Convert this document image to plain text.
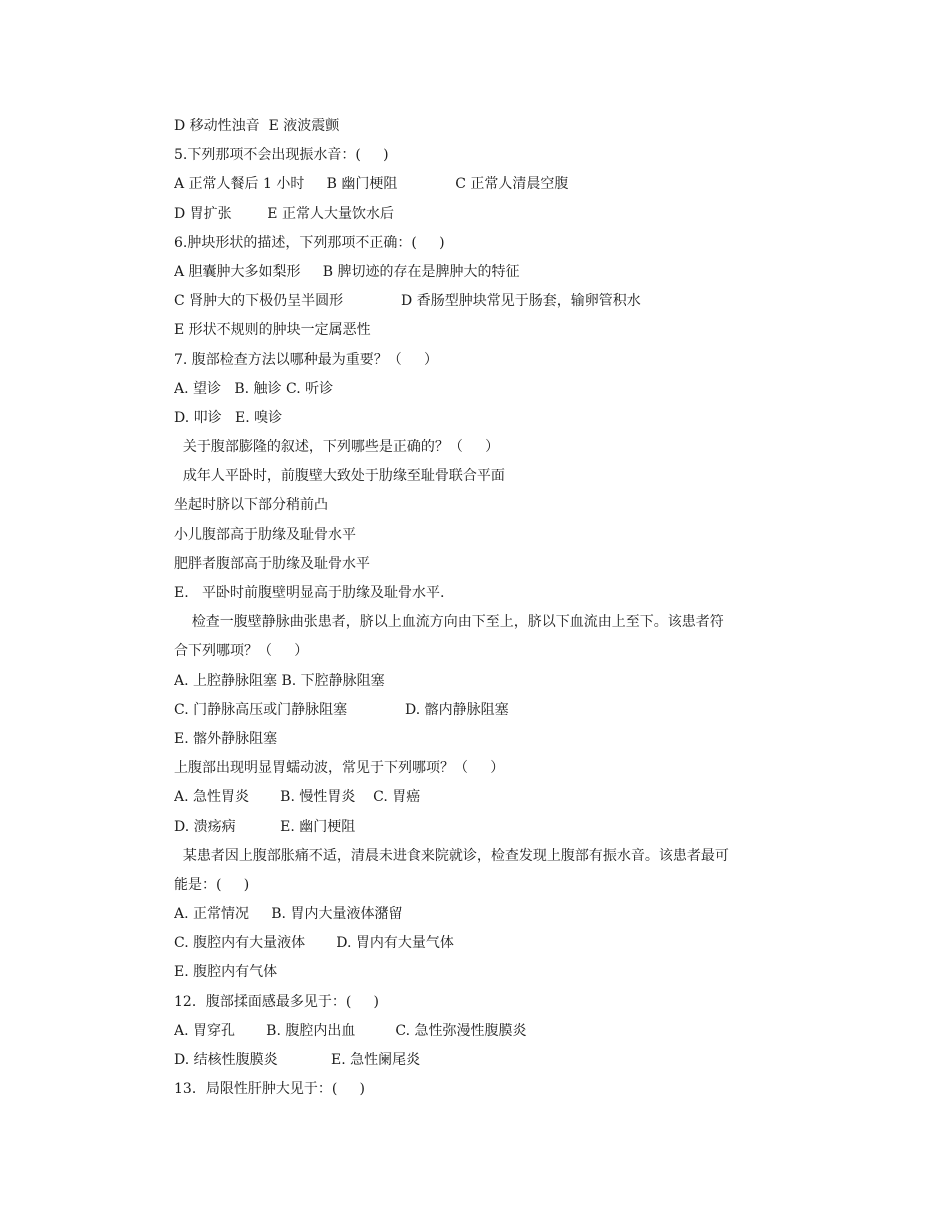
D 移动性浊音  E 液波震颤
5.下列那项不会出现振水音：(     )
A 正常人餐后 1 小时     B 幽门梗阻             C 正常人清晨空腹
D 胃扩张        E 正常人大量饮水后
6.肿块形状的描述，下列那项不正确：(     )
A 胆囊肿大多如梨形     B 脾切迹的存在是脾肿大的特征
C 肾肿大的下极仍呈半圆形             D 香肠型肿块常见于肠套，输卵管积水
E 形状不规则的肿块一定属恶性
7. 腹部检查方法以哪种最为重要？（     ）
A. 望诊   B. 触诊 C. 听诊
D. 叩诊   E. 嗅诊
关于腹部膨隆的叙述，下列哪些是正确的？（     ）
成年人平卧时，前腹壁大致处于肋缘至耻骨联合平面
坐起时脐以下部分稍前凸
小儿腹部高于肋缘及耻骨水平
肥胖者腹部高于肋缘及耻骨水平
E.   平卧时前腹壁明显高于肋缘及耻骨水平.
检查一腹壁静脉曲张患者，脐以上血流方向由下至上，脐以下血流由上至下。该患者符
合下列哪项？（     ）
A. 上腔静脉阻塞 B. 下腔静脉阻塞
C. 门静脉高压或门静脉阻塞             D. 髂内静脉阻塞
E. 髂外静脉阻塞
上腹部出现明显胃蠕动波，常见于下列哪项？（     ）
A. 急性胃炎       B. 慢性胃炎    C. 胃癌
D. 溃疡病          E. 幽门梗阻
某患者因上腹部胀痛不适，清晨未进食来院就诊，检查发现上腹部有振水音。该患者最可
能是：(     )
A. 正常情况     B. 胃内大量液体潴留
C. 腹腔内有大量液体       D. 胃内有大量气体
E. 腹腔内有气体
12．腹部揉面感最多见于：(     )
A. 胃穿孔       B. 腹腔内出血         C. 急性弥漫性腹膜炎
D. 结核性腹膜炎            E. 急性阑尾炎
13．局限性肝肿大见于：(     )
